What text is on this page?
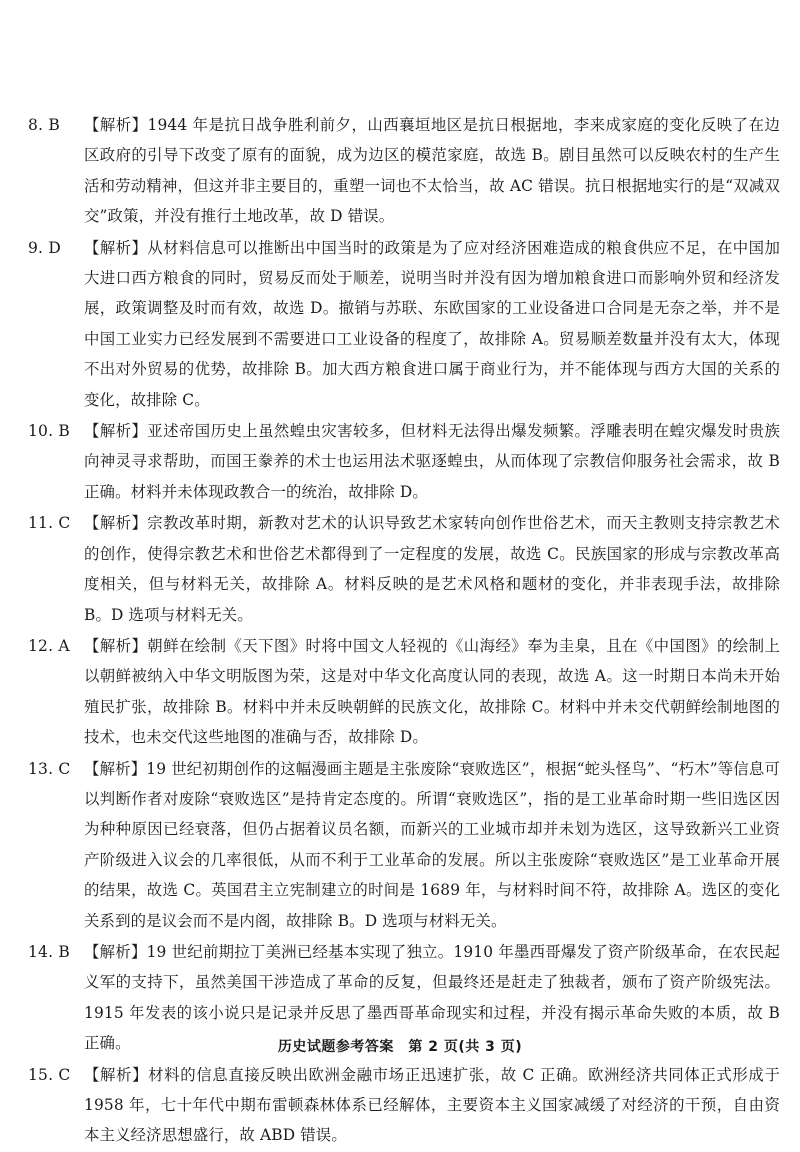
8. B	【解析】1944 年是抗日战争胜利前夕，山西襄垣地区是抗日根据地，李来成家庭的变化反映了在边区政府的引导下改变了原有的面貌，成为边区的模范家庭，故选 B。剧目虽然可以反映农村的生产生活和劳动精神，但这并非主要目的，重塑一词也不太恰当，故 AC 错误。抗日根据地实行的是“双减双交”政策，并没有推行土地改革，故 D 错误。
9. D	【解析】从材料信息可以推断出中国当时的政策是为了应对经济困难造成的粮食供应不足，在中国加大进口西方粮食的同时，贸易反而处于顺差，说明当时并没有因为增加粮食进口而影响外贸和经济发展，政策调整及时而有效，故选 D。撤销与苏联、东欧国家的工业设备进口合同是无奈之举，并不是中国工业实力已经发展到不需要进口工业设备的程度了，故排除 A。贸易顺差数量并没有太大，体现不出对外贸易的优势，故排除 B。加大西方粮食进口属于商业行为，并不能体现与西方大国的关系的变化，故排除 C。
10. B 【解析】亚述帝国历史上虽然蝗虫灾害较多，但材料无法得出爆发频繁。浮雕表明在蝗灾爆发时贵族向神灵寻求帮助，而国王豢养的术士也运用法术驱逐蝗虫，从而体现了宗教信仰服务社会需求，故 B 正确。材料并未体现政教合一的统治，故排除 D。
11. C 【解析】宗教改革时期，新教对艺术的认识导致艺术家转向创作世俗艺术，而天主教则支持宗教艺术的创作，使得宗教艺术和世俗艺术都得到了一定程度的发展，故选 C。民族国家的形成与宗教改革高度相关，但与材料无关，故排除 A。材料反映的是艺术风格和题材的变化，并非表现手法，故排除 B。D 选项与材料无关。
12. A 【解析】朝鲜在绘制《天下图》时将中国文人轻视的《山海经》奉为圭臬，且在《中国图》的绘制上以朝鲜被纳入中华文明版图为荣，这是对中华文化高度认同的表现，故选 A。这一时期日本尚未开始殖民扩张，故排除 B。材料中并未反映朝鲜的民族文化，故排除 C。材料中并未交代朝鲜绘制地图的技术，也未交代这些地图的准确与否，故排除 D。
13. C 【解析】19 世纪初期创作的这幅漫画主题是主张废除“衰败选区”，根据“蛇头怪鸟”、“朽木”等信息可以判断作者对废除“衰败选区”是持肯定态度的。所谓“衰败选区”，指的是工业革命时期一些旧选区因为种种原因已经衰落，但仍占据着议员名额，而新兴的工业城市却并未划为选区，这导致新兴工业资产阶级进入议会的几率很低，从而不利于工业革命的发展。所以主张废除“衰败选区”是工业革命开展的结果，故选 C。英国君主立宪制建立的时间是 1689 年，与材料时间不符，故排除 A。选区的变化关系到的是议会而不是内阁，故排除 B。D 选项与材料无关。
14. B 【解析】19 世纪前期拉丁美洲已经基本实现了独立。1910 年墨西哥爆发了资产阶级革命，在农民起义军的支持下，虽然美国干涉造成了革命的反复，但最终还是赶走了独裁者，颁布了资产阶级宪法。1915 年发表的该小说只是记录并反思了墨西哥革命现实和过程，并没有揭示革命失败的本质，故 B 正确。
15. C 【解析】材料的信息直接反映出欧洲金融市场正迅速扩张，故 C 正确。欧洲经济共同体正式形成于 1958 年，七十年代中期布雷顿森林体系已经解体，主要资本主义国家减缓了对经济的干预，自由资本主义经济思想盛行，故 ABD 错误。
历史试题参考答案　第 2 页(共 3 页)
